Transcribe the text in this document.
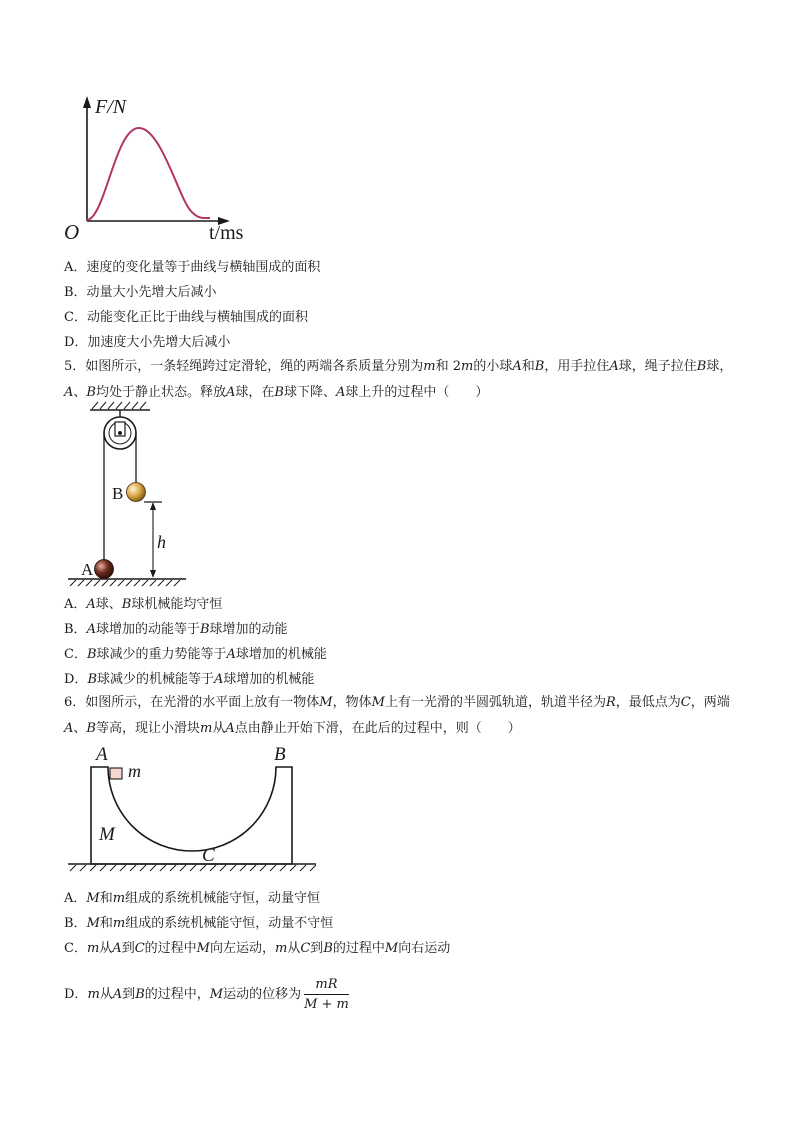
F/N
O	t/ms
A．速度的变化量等于曲线与横轴围成的面积
B．动量大小先增大后减小
C．动能变化正比于曲线与横轴围成的面积
D．加速度大小先增大后减小

5．如图所示，一条轻绳跨过定滑轮，绳的两端各系质量分别为m和 2m的小球A和B，用手拉住A球，绳子拉住B球，A、B均处于静止状态。释放A球，在B球下降、A球上升的过程中（　　）

B
A
h
A．A球、B球机械能均守恒
B．A球增加的动能等于B球增加的动能
C．B球减少的重力势能等于A球增加的机械能
D．B球减少的机械能等于A球增加的机械能

6．如图所示，在光滑的水平面上放有一物体M，物体M上有一光滑的半圆弧轨道，轨道半径为R，最低点为C，两端A、B等高，现让小滑块m从A点由静止开始下滑，在此后的过程中，则（　　）

A	B
m
M
C
A．M和m组成的系统机械能守恒，动量守恒
B．M和m组成的系统机械能守恒，动量不守恒
C．m从A到C的过程中M向左运动，m从C到B的过程中M向右运动
D．m从A到B的过程中，M运动的位移为 $\frac{mR}{M + m}$
